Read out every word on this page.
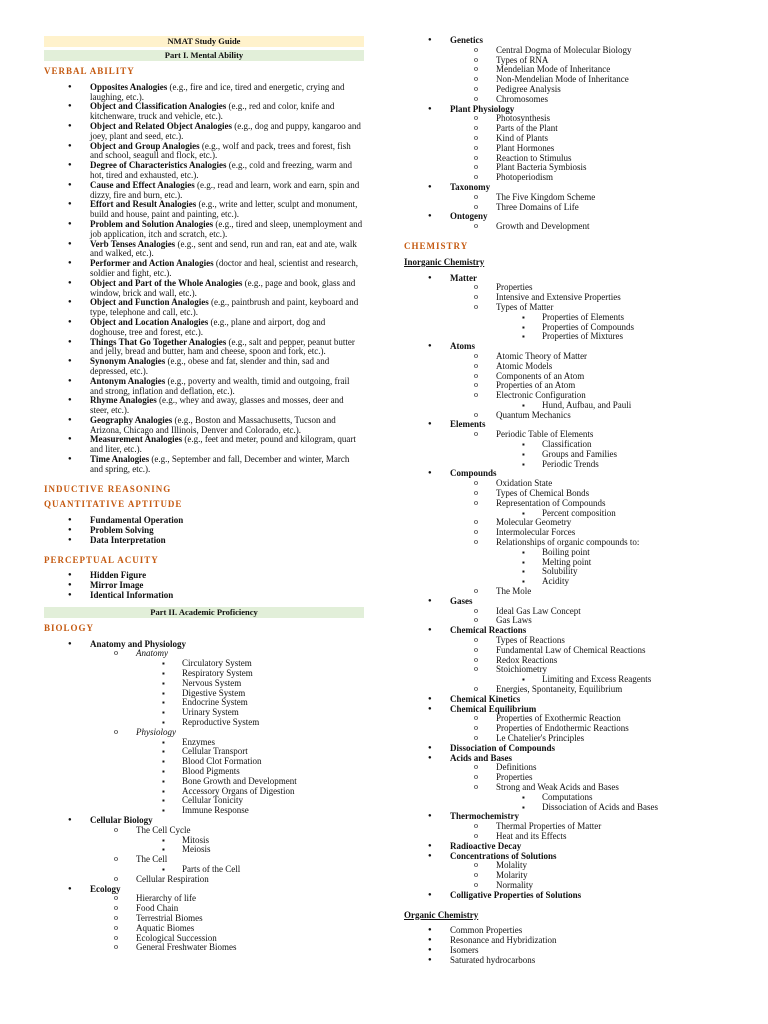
NMAT Study Guide
Part I. Mental Ability
VERBAL ABILITY
● Opposites Analogies (e.g., fire and ice, tired and energetic, crying and laughing, etc.).
● Object and Classification Analogies (e.g., red and color, knife and kitchenware, truck and vehicle, etc.).
● Object and Related Object Analogies (e.g., dog and puppy, kangaroo and joey, plant and seed, etc.).
● Object and Group Analogies (e.g., wolf and pack, trees and forest, fish and school, seagull and flock, etc.).
● Degree of Characteristics Analogies (e.g., cold and freezing, warm and hot, tired and exhausted, etc.).
● Cause and Effect Analogies (e.g., read and learn, work and earn, spin and dizzy, fire and burn, etc.).
● Effort and Result Analogies (e.g., write and letter, sculpt and monument, build and house, paint and painting, etc.).
● Problem and Solution Analogies (e.g., tired and sleep, unemployment and job application, itch and scratch, etc.).
● Verb Tenses Analogies (e.g., sent and send, run and ran, eat and ate, walk and walked, etc.).
● Performer and Action Analogies (doctor and heal, scientist and research, soldier and fight, etc.).
● Object and Part of the Whole Analogies (e.g., page and book, glass and window, brick and wall, etc.).
● Object and Function Analogies (e.g., paintbrush and paint, keyboard and type, telephone and call, etc.).
● Object and Location Analogies (e.g., plane and airport, dog and doghouse, tree and forest, etc.).
● Things That Go Together Analogies (e.g., salt and pepper, peanut butter and jelly, bread and butter, ham and cheese, spoon and fork, etc.).
● Synonym Analogies (e.g., obese and fat, slender and thin, sad and depressed, etc.).
● Antonym Analogies (e.g., poverty and wealth, timid and outgoing, frail and strong, inflation and deflation, etc.).
● Rhyme Analogies (e.g., whey and away, glasses and mosses, deer and steer, etc.).
● Geography Analogies (e.g., Boston and Massachusetts, Tucson and Arizona, Chicago and Illinois, Denver and Colorado, etc.).
● Measurement Analogies (e.g., feet and meter, pound and kilogram, quart and liter, etc.).
● Time Analogies (e.g., September and fall, December and winter, March and spring, etc.).
INDUCTIVE REASONING
QUANTITATIVE APTITUDE
● Fundamental Operation
● Problem Solving
● Data Interpretation
PERCEPTUAL ACUITY
● Hidden Figure
● Mirror Image
● Identical Information
Part II. Academic Proficiency
BIOLOGY
● Anatomy and Physiology
o Anatomy
▪ Circulatory System
▪ Respiratory System
▪ Nervous System
▪ Digestive System
▪ Endocrine System
▪ Urinary System
▪ Reproductive System
o Physiology
▪ Enzymes
▪ Cellular Transport
▪ Blood Clot Formation
▪ Blood Pigments
▪ Bone Growth and Development
▪ Accessory Organs of Digestion
▪ Cellular Tonicity
▪ Immune Response
● Cellular Biology
o The Cell Cycle
▪ Mitosis
▪ Meiosis
o The Cell
▪ Parts of the Cell
o Cellular Respiration
● Ecology
o Hierarchy of life
o Food Chain
o Terrestrial Biomes
o Aquatic Biomes
o Ecological Succession
o General Freshwater Biomes
● Genetics
o Central Dogma of Molecular Biology
o Types of RNA
o Mendelian Mode of Inheritance
o Non-Mendelian Mode of Inheritance
o Pedigree Analysis
o Chromosomes
● Plant Physiology
o Photosynthesis
o Parts of the Plant
o Kind of Plants
o Plant Hormones
o Reaction to Stimulus
o Plant Bacteria Symbiosis
o Photoperiodism
● Taxonomy
o The Five Kingdom Scheme
o Three Domains of Life
● Ontogeny
o Growth and Development
CHEMISTRY
Inorganic Chemistry
● Matter
o Properties
o Intensive and Extensive Properties
o Types of Matter
▪ Properties of Elements
▪ Properties of Compounds
▪ Properties of Mixtures
● Atoms
o Atomic Theory of Matter
o Atomic Models
o Components of an Atom
o Properties of an Atom
o Electronic Configuration
▪ Hund, Aufbau, and Pauli
o Quantum Mechanics
● Elements
o Periodic Table of Elements
▪ Classification
▪ Groups and Families
▪ Periodic Trends
● Compounds
o Oxidation State
o Types of Chemical Bonds
o Representation of Compounds
▪ Percent composition
o Molecular Geometry
o Intermolecular Forces
o Relationships of organic compounds to:
▪ Boiling point
▪ Melting point
▪ Solubility
▪ Acidity
o The Mole
● Gases
o Ideal Gas Law Concept
o Gas Laws
● Chemical Reactions
o Types of Reactions
o Fundamental Law of Chemical Reactions
o Redox Reactions
o Stoichiometry
▪ Limiting and Excess Reagents
o Energies, Spontaneity, Equilibrium
● Chemical Kinetics
● Chemical Equilibrium
o Properties of Exothermic Reaction
o Properties of Endothermic Reactions
o Le Chatelier's Principles
● Dissociation of Compounds
● Acids and Bases
o Definitions
o Properties
o Strong and Weak Acids and Bases
▪ Computations
▪ Dissociation of Acids and Bases
● Thermochemistry
o Thermal Properties of Matter
o Heat and its Effects
● Radioactive Decay
● Concentrations of Solutions
o Molality
o Molarity
o Normality
● Colligative Properties of Solutions
Organic Chemistry
● Common Properties
● Resonance and Hybridization
● Isomers
● Saturated hydrocarbons
